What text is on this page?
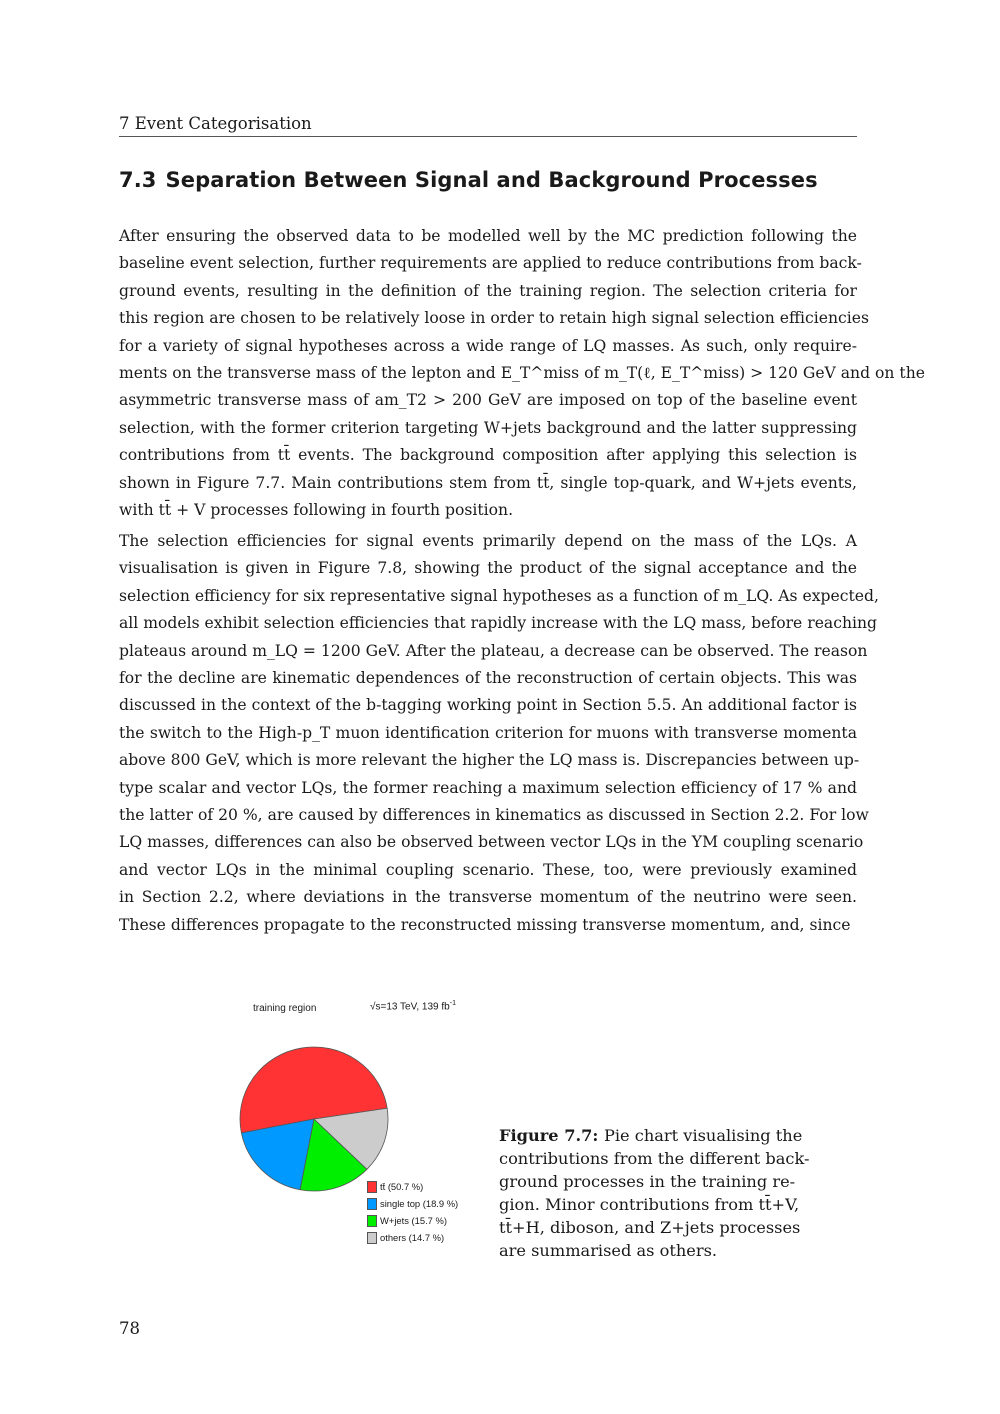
7 Event Categorisation
7.3 Separation Between Signal and Background Processes

After ensuring the observed data to be modelled well by the MC prediction following the
baseline event selection, further requirements are applied to reduce contributions from back-
ground events, resulting in the definition of the training region. The selection criteria for
this region are chosen to be relatively loose in order to retain high signal selection efficiencies
for a variety of signal hypotheses across a wide range of LQ masses. As such, only require-
ments on the transverse mass of the lepton and E_T^miss of m_T(ℓ, E_T^miss) > 120 GeV and on the
asymmetric transverse mass of am_T2 > 200 GeV are imposed on top of the baseline event
selection, with the former criterion targeting W+jets background and the latter suppressing
contributions from tt̄ events. The background composition after applying this selection is
shown in Figure 7.7. Main contributions stem from tt̄, single top-quark, and W+jets events,
with tt̄ + V processes following in fourth position.

The selection efficiencies for signal events primarily depend on the mass of the LQs. A
visualisation is given in Figure 7.8, showing the product of the signal acceptance and the
selection efficiency for six representative signal hypotheses as a function of m_LQ. As expected,
all models exhibit selection efficiencies that rapidly increase with the LQ mass, before reaching
plateaus around m_LQ = 1200 GeV. After the plateau, a decrease can be observed. The reason
for the decline are kinematic dependences of the reconstruction of certain objects. This was
discussed in the context of the b-tagging working point in Section 5.5. An additional factor is
the switch to the High-p_T muon identification criterion for muons with transverse momenta
above 800 GeV, which is more relevant the higher the LQ mass is. Discrepancies between up-
type scalar and vector LQs, the former reaching a maximum selection efficiency of 17 % and
the latter of 20 %, are caused by differences in kinematics as discussed in Section 2.2. For low
LQ masses, differences can also be observed between vector LQs in the YM coupling scenario
and vector LQs in the minimal coupling scenario. These, too, were previously examined
in Section 2.2, where deviations in the transverse momentum of the neutrino were seen.
These differences propagate to the reconstructed missing transverse momentum, and, since

training region	√s=13 TeV, 139 $fb^{-1}$
tt̄ (50.7 %)
single top (18.9 %)
W+jets (15.7 %)
others (14.7 %)

Figure 7.7: Pie chart visualising the
contributions from the different back-
ground processes in the training re-
gion. Minor contributions from tt̄+V,
tt̄+H, diboson, and Z+jets processes
are summarised as others.

78
